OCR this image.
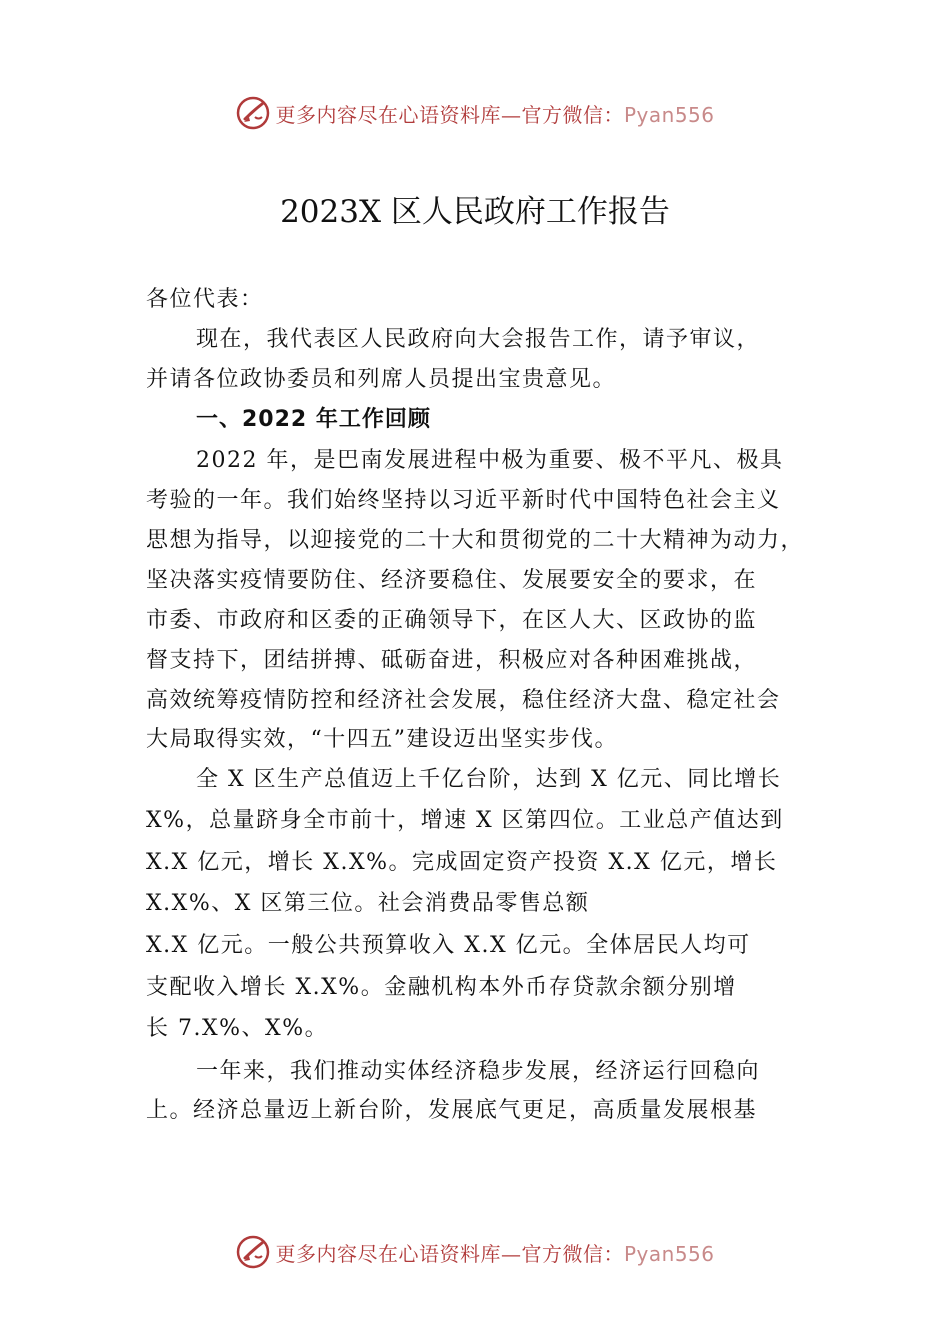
更多内容尽在心语资料库—官方微信：Pyan556
2023X 区人民政府工作报告
各位代表：
现在，我代表区人民政府向大会报告工作，请予审议，
并请各位政协委员和列席人员提出宝贵意见。
一、2022 年工作回顾
2022 年，是巴南发展进程中极为重要、极不平凡、极具
考验的一年。我们始终坚持以习近平新时代中国特色社会主义
思想为指导，以迎接党的二十大和贯彻党的二十大精神为动力，
坚决落实疫情要防住、经济要稳住、发展要安全的要求，在
市委、市政府和区委的正确领导下，在区人大、区政协的监
督支持下，团结拼搏、砥砺奋进，积极应对各种困难挑战，
高效统筹疫情防控和经济社会发展，稳住经济大盘、稳定社会
大局取得实效，“十四五”建设迈出坚实步伐。
全 X 区生产总值迈上千亿台阶，达到 X 亿元、同比增长
X%，总量跻身全市前十，增速 X 区第四位。工业总产值达到
X.X 亿元，增长 X.X%。完成固定资产投资 X.X 亿元，增长
X.X%、X 区第三位。社会消费品零售总额
X.X 亿元。一般公共预算收入 X.X 亿元。全体居民人均可
支配收入增长 X.X%。金融机构本外币存贷款余额分别增
长 7.X%、X%。
一年来，我们推动实体经济稳步发展，经济运行回稳向
上。经济总量迈上新台阶，发展底气更足，高质量发展根基
更多内容尽在心语资料库—官方微信：Pyan556
